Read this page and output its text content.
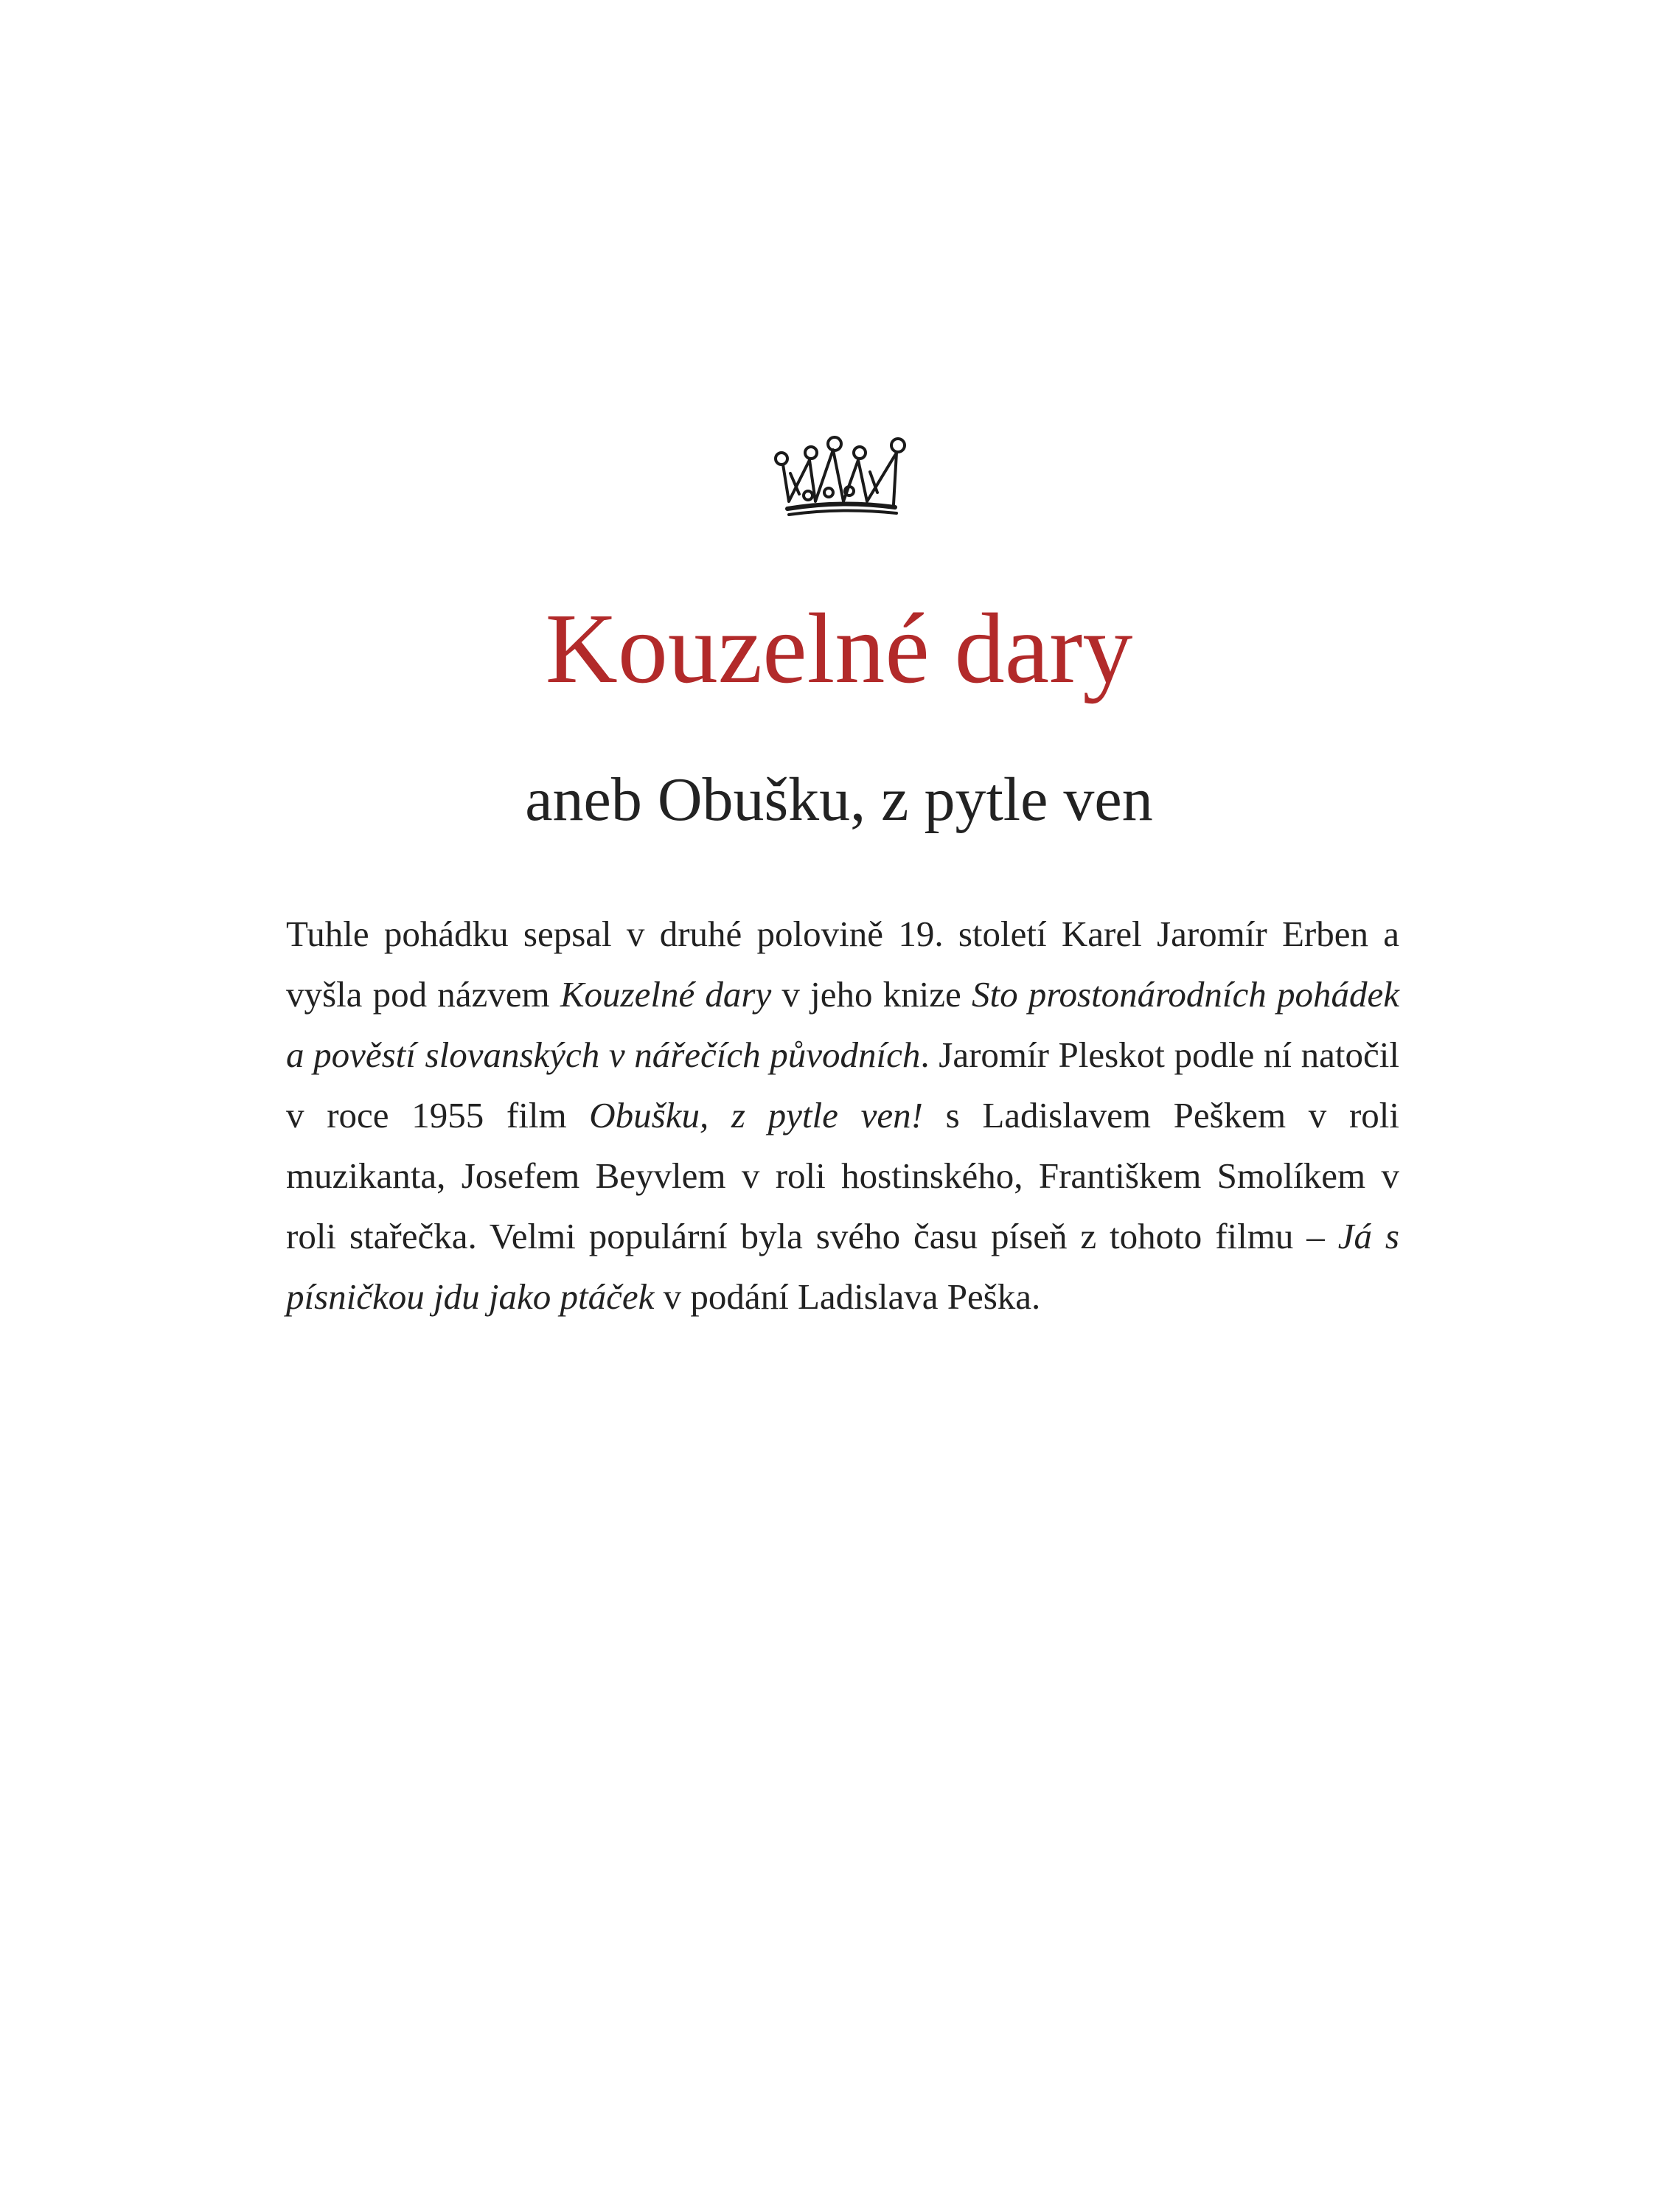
Kouzelné dary
aneb Obušku, z pytle ven

Tuhle pohádku sepsal v druhé polovině 19. století Karel Jaromír Erben a vyšla pod názvem Kouzelné dary v jeho knize Sto prostonárodních pohádek a pověstí slovanských v nářečích původních. Jaromír Pleskot podle ní natočil v roce 1955 film Obušku, z pytle ven! s Ladislavem Peškem v roli muzikanta, Josefem Beyvlem v roli hostinského, Františkem Smolíkem v roli stařečka. Velmi populární byla svého času píseň z tohoto filmu – Já s písničkou jdu jako ptáček v podání Ladislava Peška.
